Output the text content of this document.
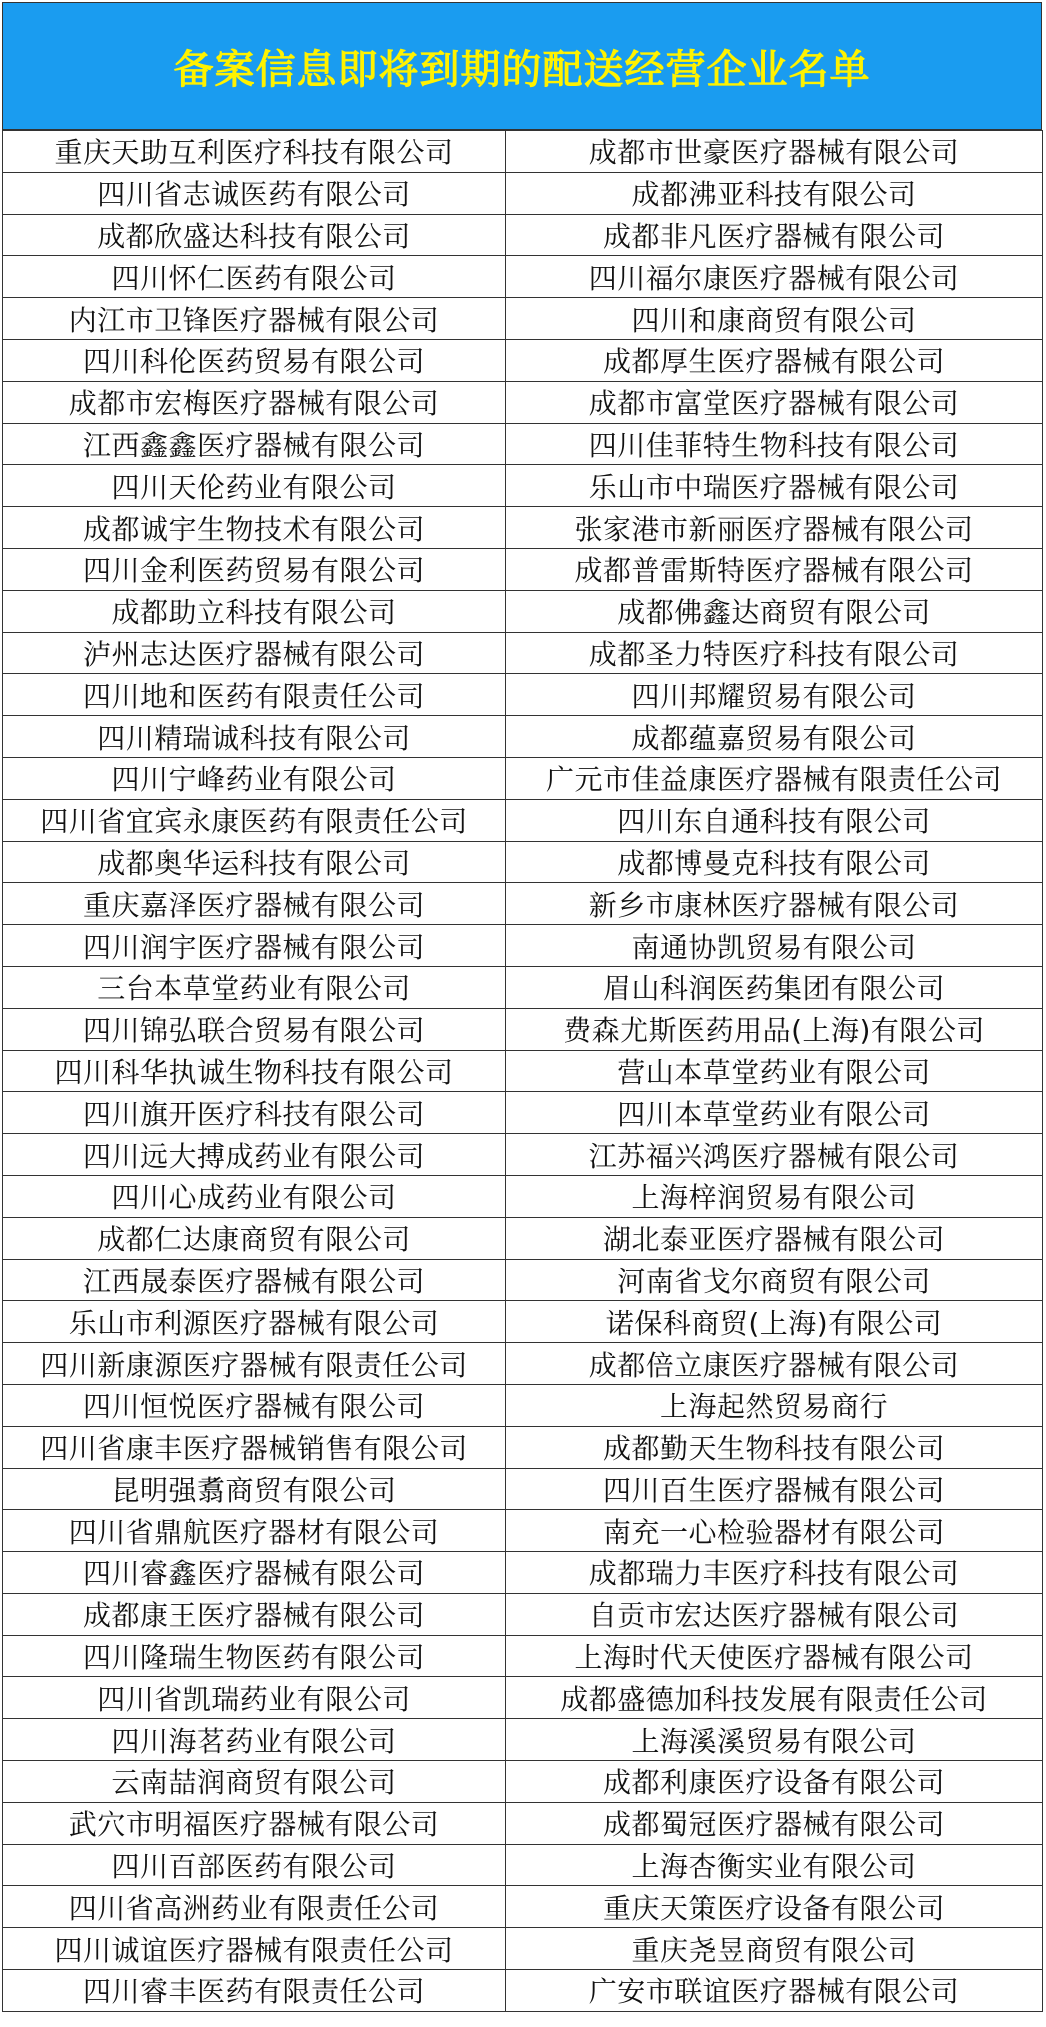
备案信息即将到期的配送经营企业名单
重庆天助互利医疗科技有限公司	成都市世豪医疗器械有限公司
四川省志诚医药有限公司	成都沸亚科技有限公司
成都欣盛达科技有限公司	成都非凡医疗器械有限公司
四川怀仁医药有限公司	四川福尔康医疗器械有限公司
内江市卫锋医疗器械有限公司	四川和康商贸有限公司
四川科伦医药贸易有限公司	成都厚生医疗器械有限公司
成都市宏梅医疗器械有限公司	成都市富堂医疗器械有限公司
江西鑫鑫医疗器械有限公司	四川佳菲特生物科技有限公司
四川天伦药业有限公司	乐山市中瑞医疗器械有限公司
成都诚宇生物技术有限公司	张家港市新丽医疗器械有限公司
四川金利医药贸易有限公司	成都普雷斯特医疗器械有限公司
成都助立科技有限公司	成都佛鑫达商贸有限公司
泸州志达医疗器械有限公司	成都圣力特医疗科技有限公司
四川地和医药有限责任公司	四川邦耀贸易有限公司
四川精瑞诚科技有限公司	成都蕴嘉贸易有限公司
四川宁峰药业有限公司	广元市佳益康医疗器械有限责任公司
四川省宜宾永康医药有限责任公司	四川东自通科技有限公司
成都奥华运科技有限公司	成都博曼克科技有限公司
重庆嘉泽医疗器械有限公司	新乡市康林医疗器械有限公司
四川润宇医疗器械有限公司	南通协凯贸易有限公司
三台本草堂药业有限公司	眉山科润医药集团有限公司
四川锦弘联合贸易有限公司	费森尤斯医药用品(上海)有限公司
四川科华执诚生物科技有限公司	营山本草堂药业有限公司
四川旗开医疗科技有限公司	四川本草堂药业有限公司
四川远大搏成药业有限公司	江苏福兴鸿医疗器械有限公司
四川心成药业有限公司	上海梓润贸易有限公司
成都仁达康商贸有限公司	湖北泰亚医疗器械有限公司
江西晟泰医疗器械有限公司	河南省戈尔商贸有限公司
乐山市利源医疗器械有限公司	诺保科商贸(上海)有限公司
四川新康源医疗器械有限责任公司	成都倍立康医疗器械有限公司
四川恒悦医疗器械有限公司	上海起然贸易商行
四川省康丰医疗器械销售有限公司	成都勤天生物科技有限公司
昆明强翥商贸有限公司	四川百生医疗器械有限公司
四川省鼎航医疗器材有限公司	南充一心检验器材有限公司
四川睿鑫医疗器械有限公司	成都瑞力丰医疗科技有限公司
成都康王医疗器械有限公司	自贡市宏达医疗器械有限公司
四川隆瑞生物医药有限公司	上海时代天使医疗器械有限公司
四川省凯瑞药业有限公司	成都盛德加科技发展有限责任公司
四川海茗药业有限公司	上海溪溪贸易有限公司
云南喆润商贸有限公司	成都利康医疗设备有限公司
武穴市明福医疗器械有限公司	成都蜀冠医疗器械有限公司
四川百部医药有限公司	上海杏衡实业有限公司
四川省高洲药业有限责任公司	重庆天策医疗设备有限公司
四川诚谊医疗器械有限责任公司	重庆尧昱商贸有限公司
四川睿丰医药有限责任公司	广安市联谊医疗器械有限公司
